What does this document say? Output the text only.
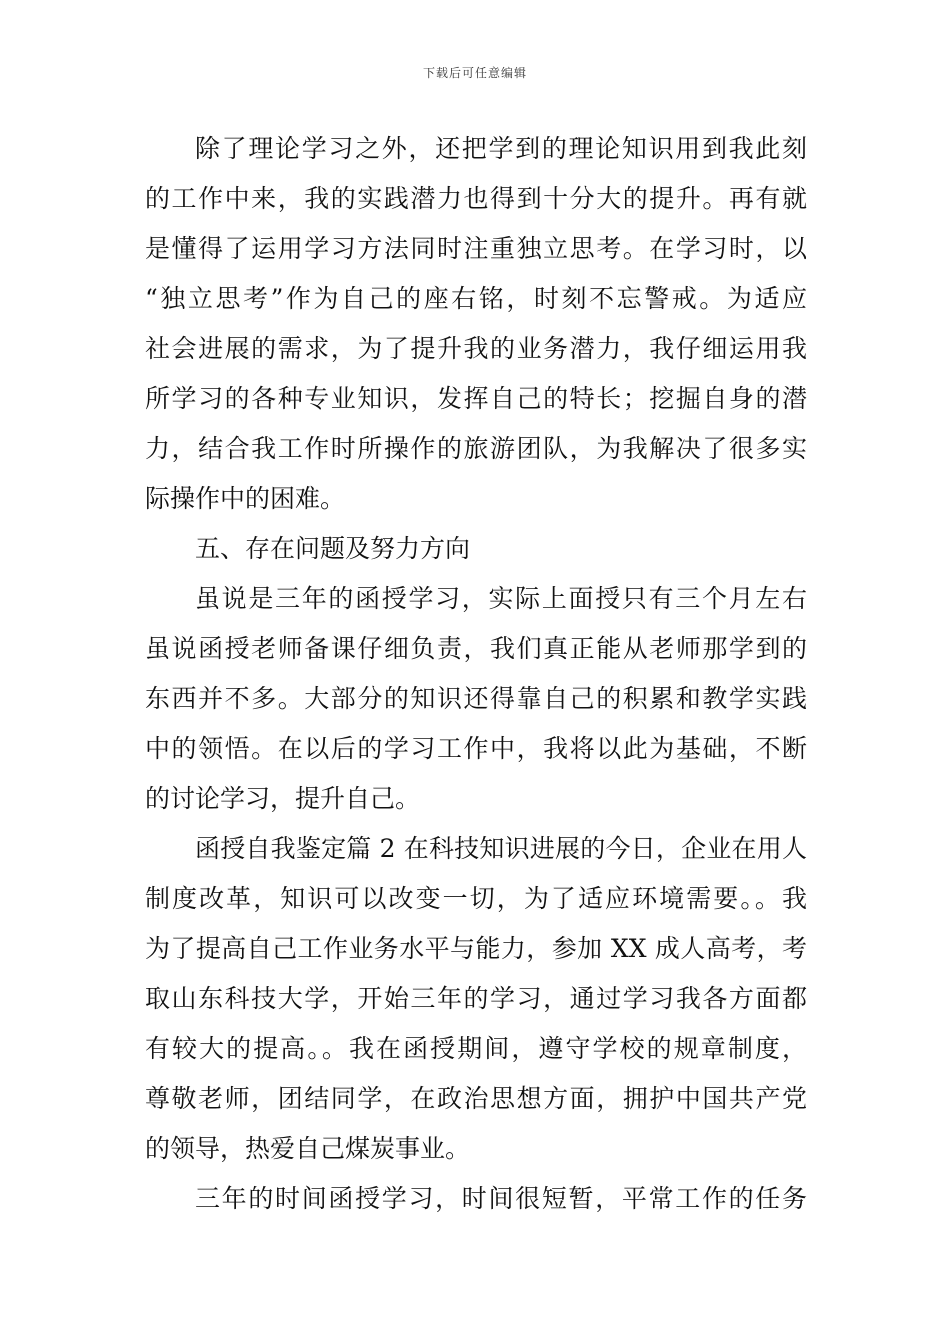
下载后可任意编辑
除了理论学习之外，还把学到的理论知识用到我此刻
的工作中来，我的实践潜力也得到十分大的提升。再有就
是懂得了运用学习方法同时注重独立思考。在学习时，以
“独立思考”作为自己的座右铭，时刻不忘警戒。为适应
社会进展的需求，为了提升我的业务潜力，我仔细运用我
所学习的各种专业知识，发挥自己的特长；挖掘自身的潜
力，结合我工作时所操作的旅游团队，为我解决了很多实
际操作中的困难。
五、存在问题及努力方向
虽说是三年的函授学习，实际上面授只有三个月左右
虽说函授老师备课仔细负责，我们真正能从老师那学到的
东西并不多。大部分的知识还得靠自己的积累和教学实践
中的领悟。在以后的学习工作中，我将以此为基础，不断
的讨论学习，提升自己。
函授自我鉴定篇 2 在科技知识进展的今日，企业在用人
制度改革，知识可以改变一切，为了适应环境需要。。我
为了提高自己工作业务水平与能力，参加 XX 成人高考，考
取山东科技大学，开始三年的学习，通过学习我各方面都
有较大的提高。。我在函授期间，遵守学校的规章制度，
尊敬老师，团结同学，在政治思想方面，拥护中国共产党
的领导，热爱自己煤炭事业。
三年的时间函授学习，时间很短暂，平常工作的任务
